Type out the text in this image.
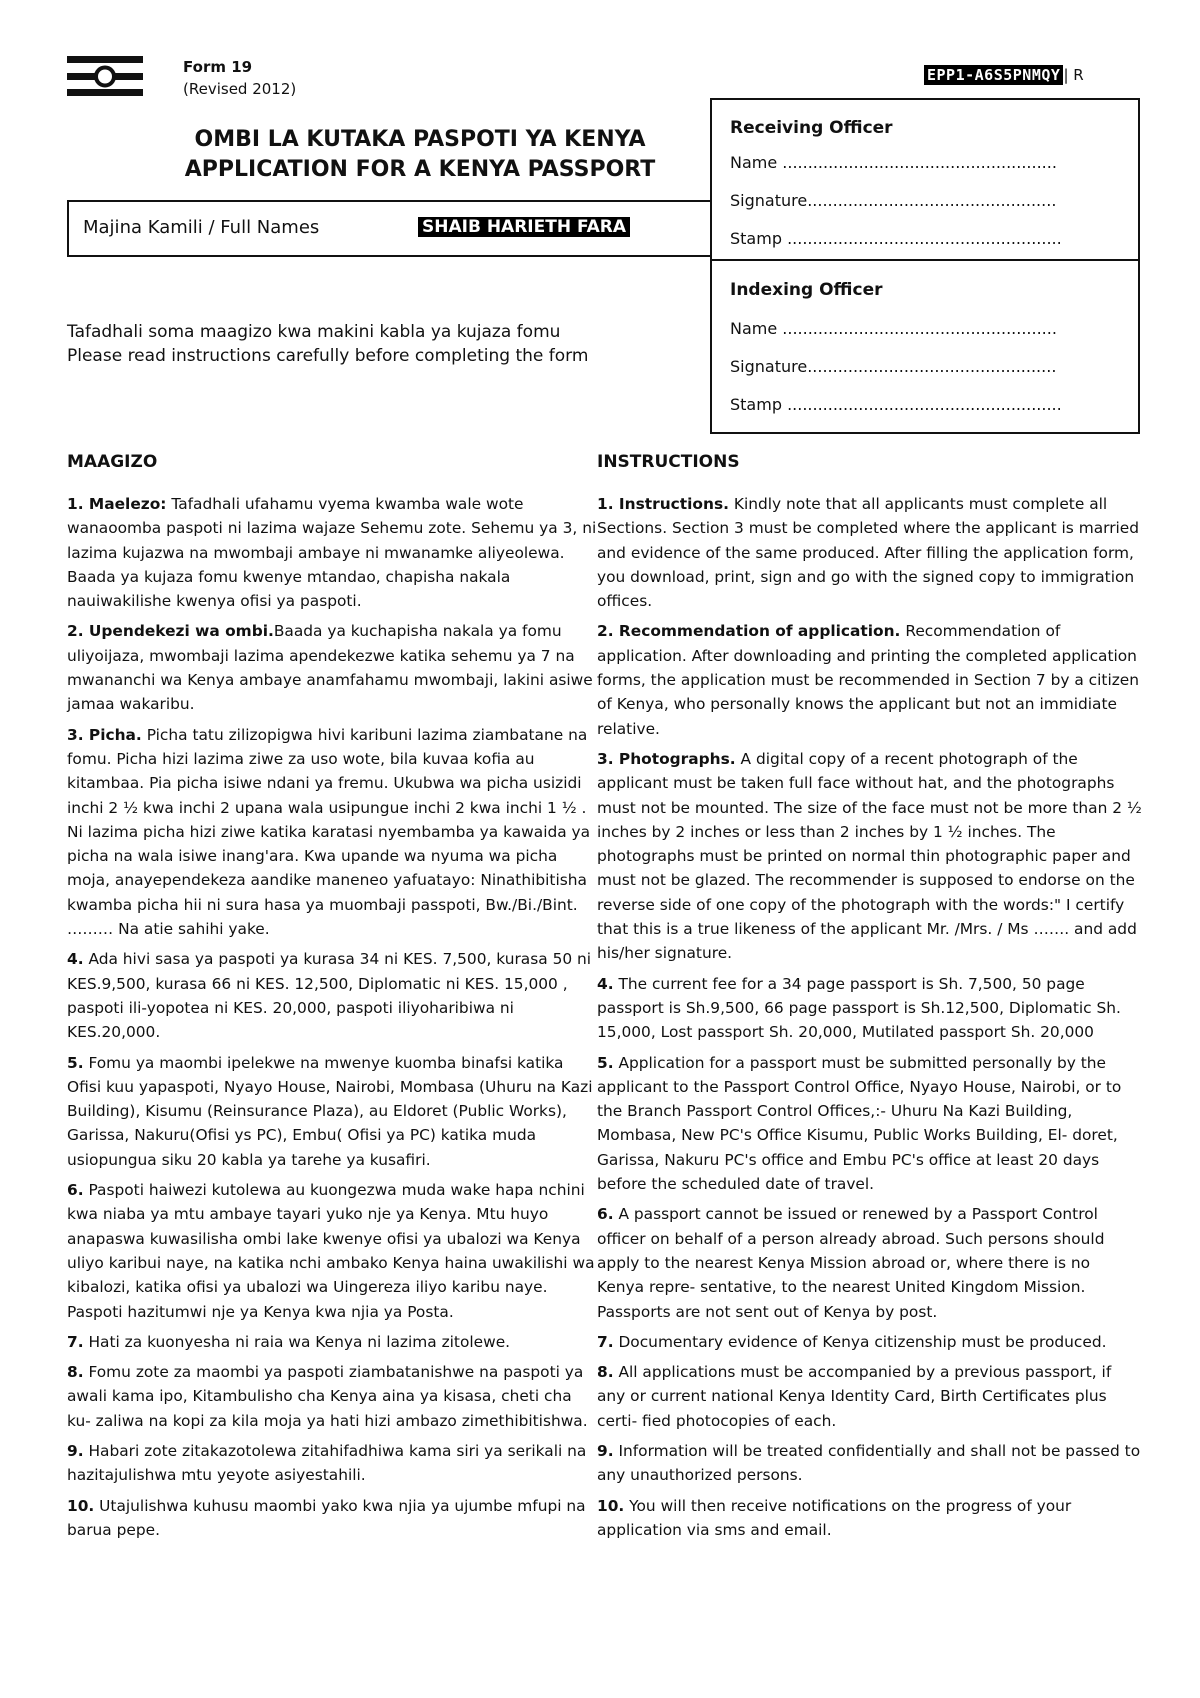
Form 19
(Revised 2012)
EPP1-A6S5PNMQY | R
OMBI LA KUTAKA PASPOTI YA KENYA
APPLICATION FOR A KENYA PASSPORT
Majina Kamili / Full Names	SHAIB HARIETH FARA
Receiving Officer
Name ......................................................
Signature.................................................
Stamp ......................................................
Indexing Officer
Name ......................................................
Signature.................................................
Stamp ......................................................
Tafadhali soma maagizo kwa makini kabla ya kujaza fomu
Please read instructions carefully before completing the form
MAAGIZO	INSTRUCTIONS

1. Maelezo: Tafadhali ufahamu vyema kwamba wale wote wanaoomba paspoti ni lazima wajaze Sehemu zote. Sehemu ya 3, ni lazima kujazwa na mwombaji ambaye ni mwanamke aliyeolewa. Baada ya kujaza fomu kwenye mtandao, chapisha nakala nauiwakilishe kwenya ofisi ya paspoti.

2. Upendekezi wa ombi.Baada ya kuchapisha nakala ya fomu uliyoijaza, mwombaji lazima apendekezwe katika sehemu ya 7 na mwananchi wa Kenya ambaye anamfahamu mwombaji, lakini asiwe jamaa wakaribu.

3. Picha. Picha tatu zilizopigwa hivi karibuni lazima ziambatane na fomu. Picha hizi lazima ziwe za uso wote, bila kuvaa kofia au kitambaa. Pia picha isiwe ndani ya fremu. Ukubwa wa picha usizidi inchi 2 ½ kwa inchi 2 upana wala usipungue inchi 2 kwa inchi 1 ½ . Ni lazima picha hizi ziwe katika karatasi nyembamba ya kawaida ya picha na wala isiwe inang'ara. Kwa upande wa nyuma wa picha moja, anayependekeza aandike maneneo yafuatayo: Ninathibitisha kwamba picha hii ni sura hasa ya muombaji passpoti, Bw./Bi./Bint. ……… Na atie sahihi yake.

4. Ada hivi sasa ya paspoti ya kurasa 34 ni KES. 7,500, kurasa 50 ni KES.9,500, kurasa 66 ni KES. 12,500, Diplomatic ni KES. 15,000 , paspoti ili-yopotea ni KES. 20,000, paspoti iliyoharibiwa ni KES.20,000.

5. Fomu ya maombi ipelekwe na mwenye kuomba binafsi katika Ofisi kuu yapaspoti, Nyayo House, Nairobi, Mombasa (Uhuru na Kazi Building), Kisumu (Reinsurance Plaza), au Eldoret (Public Works), Garissa, Nakuru(Ofisi ys PC), Embu( Ofisi ya PC) katika muda usiopungua siku 20 kabla ya tarehe ya kusafiri.

6. Paspoti haiwezi kutolewa au kuongezwa muda wake hapa nchini kwa niaba ya mtu ambaye tayari yuko nje ya Kenya. Mtu huyo anapaswa kuwasilisha ombi lake kwenye ofisi ya ubalozi wa Kenya uliyo karibui naye, na katika nchi ambako Kenya haina uwakilishi wa kibalozi, katika ofisi ya ubalozi wa Uingereza iliyo karibu naye. Paspoti hazitumwi nje ya Kenya kwa njia ya Posta.

7. Hati za kuonyesha ni raia wa Kenya ni lazima zitolewe.

8. Fomu zote za maombi ya paspoti ziambatanishwe na paspoti ya awali kama ipo, Kitambulisho cha Kenya aina ya kisasa, cheti cha ku- zaliwa na kopi za kila moja ya hati hizi ambazo zimethibitishwa.

9. Habari zote zitakazotolewa zitahifadhiwa kama siri ya serikali na hazitajulishwa mtu yeyote asiyestahili.

10. Utajulishwa kuhusu maombi yako kwa njia ya ujumbe mfupi na barua pepe.

1. Instructions. Kindly note that all applicants must complete all Sections. Section 3 must be completed where the applicant is married and evidence of the same produced. After filling the application form, you download, print, sign and go with the signed copy to immigration offices.

2. Recommendation of application. Recommendation of application. After downloading and printing the completed application forms, the application must be recommended in Section 7 by a citizen of Kenya, who personally knows the applicant but not an immidiate relative.

3. Photographs. A digital copy of a recent photograph of the applicant must be taken full face without hat, and the photographs must not be mounted. The size of the face must not be more than 2 ½ inches by 2 inches or less than 2 inches by 1 ½ inches. The photographs must be printed on normal thin photographic paper and must not be glazed. The recommender is supposed to endorse on the reverse side of one copy of the photograph with the words:" I certify that this is a true likeness of the applicant Mr. /Mrs. / Ms ……. and add his/her signature.

4. The current fee for a 34 page passport is Sh. 7,500, 50 page passport is Sh.9,500, 66 page passport is Sh.12,500, Diplomatic Sh. 15,000, Lost passport Sh. 20,000, Mutilated passport Sh. 20,000

5. Application for a passport must be submitted personally by the applicant to the Passport Control Office, Nyayo House, Nairobi, or to the Branch Passport Control Offices,:- Uhuru Na Kazi Building, Mombasa, New PC's Office Kisumu, Public Works Building, El- doret, Garissa, Nakuru PC's office and Embu PC's office at least 20 days before the scheduled date of travel.

6. A passport cannot be issued or renewed by a Passport Control officer on behalf of a person already abroad. Such persons should apply to the nearest Kenya Mission abroad or, where there is no Kenya repre- sentative, to the nearest United Kingdom Mission. Passports are not sent out of Kenya by post.

7. Documentary evidence of Kenya citizenship must be produced.

8. All applications must be accompanied by a previous passport, if any or current national Kenya Identity Card, Birth Certificates plus certi- fied photocopies of each.

9. Information will be treated confidentially and shall not be passed to any unauthorized persons.

10. You will then receive notifications on the progress of your application via sms and email.
